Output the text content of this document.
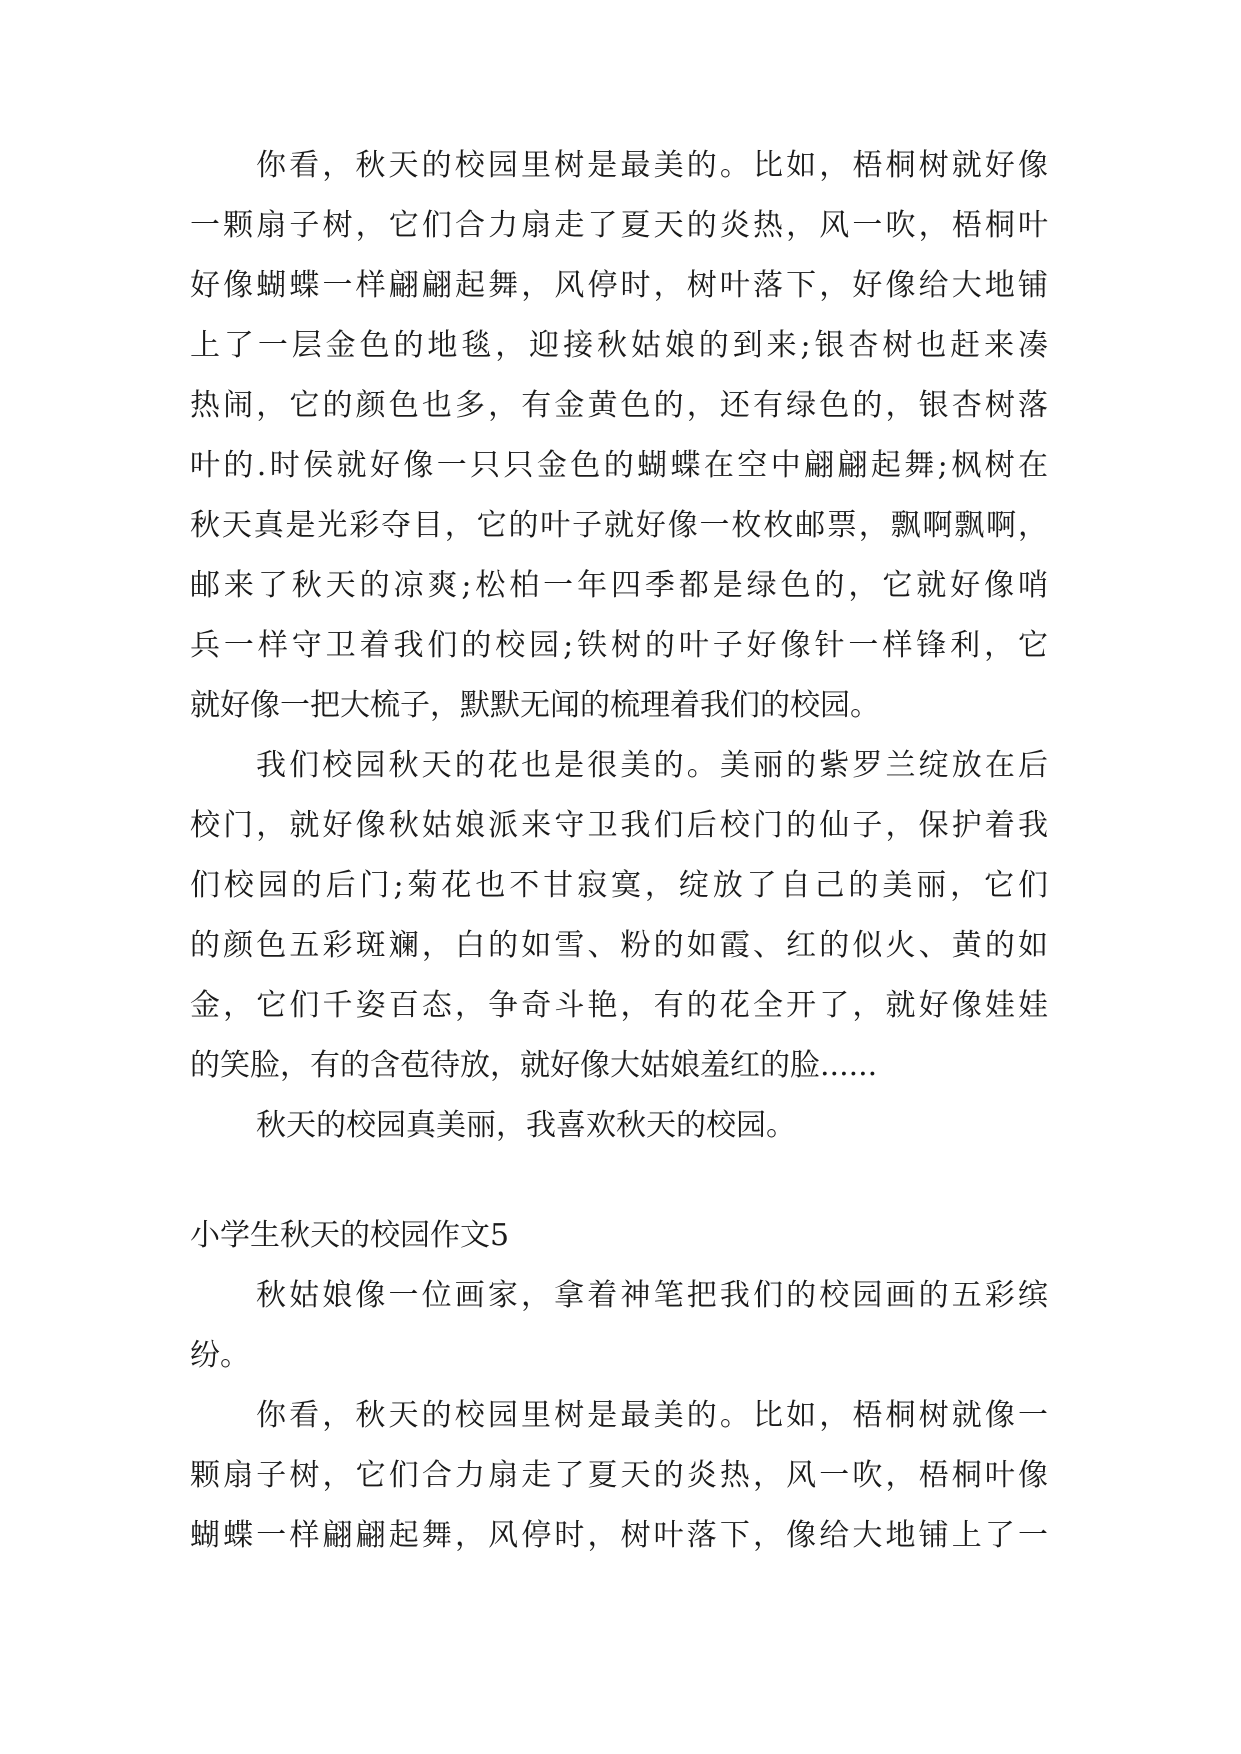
你看，秋天的校园里树是最美的。比如，梧桐树就好像
一颗扇子树，它们合力扇走了夏天的炎热，风一吹，梧桐叶
好像蝴蝶一样翩翩起舞，风停时，树叶落下，好像给大地铺
上了一层金色的地毯，迎接秋姑娘的到来;银杏树也赶来凑
热闹，它的颜色也多，有金黄色的，还有绿色的，银杏树落
叶的.时侯就好像一只只金色的蝴蝶在空中翩翩起舞;枫树在
秋天真是光彩夺目，它的叶子就好像一枚枚邮票，飘啊飘啊，
邮来了秋天的凉爽;松柏一年四季都是绿色的，它就好像哨
兵一样守卫着我们的校园;铁树的叶子好像针一样锋利，它
就好像一把大梳子，默默无闻的梳理着我们的校园。
我们校园秋天的花也是很美的。美丽的紫罗兰绽放在后
校门，就好像秋姑娘派来守卫我们后校门的仙子，保护着我
们校园的后门;菊花也不甘寂寞，绽放了自己的美丽，它们
的颜色五彩斑斓，白的如雪、粉的如霞、红的似火、黄的如
金，它们千姿百态，争奇斗艳，有的花全开了，就好像娃娃
的笑脸，有的含苞待放，就好像大姑娘羞红的脸......
秋天的校园真美丽，我喜欢秋天的校园。
小学生秋天的校园作文5
秋姑娘像一位画家，拿着神笔把我们的校园画的五彩缤
纷。
你看，秋天的校园里树是最美的。比如，梧桐树就像一
颗扇子树，它们合力扇走了夏天的炎热，风一吹，梧桐叶像
蝴蝶一样翩翩起舞，风停时，树叶落下，像给大地铺上了一
